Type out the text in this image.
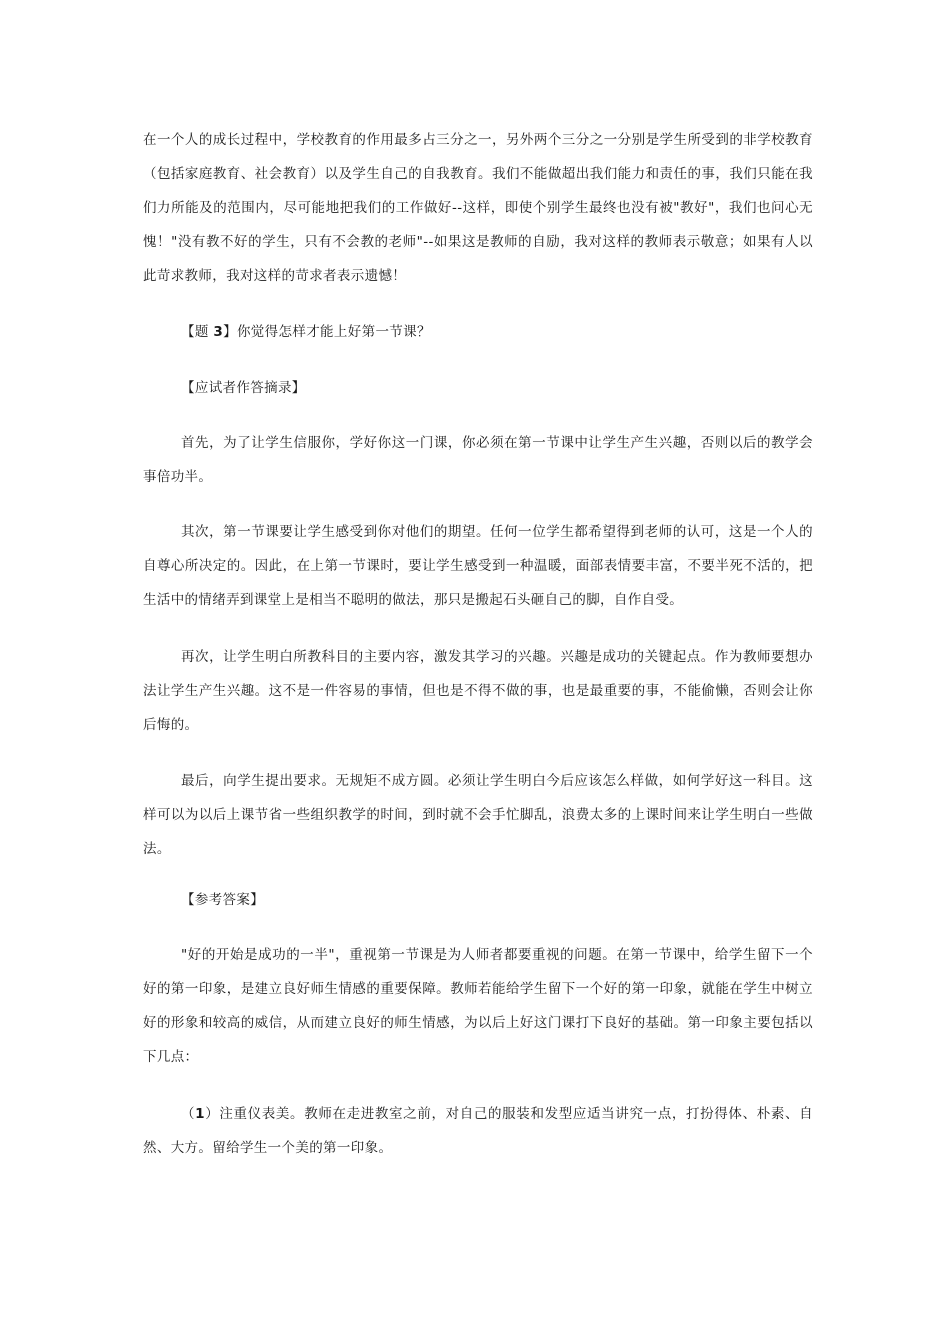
在一个人的成长过程中，学校教育的作用最多占三分之一，另外两个三分之一分别是学生所受到的非学校教育（包括家庭教育、社会教育）以及学生自己的自我教育。我们不能做超出我们能力和责任的事，我们只能在我们力所能及的范围内，尽可能地把我们的工作做好--这样，即使个别学生最终也没有被"教好"，我们也问心无愧！"没有教不好的学生，只有不会教的老师"--如果这是教师的自励，我对这样的教师表示敬意；如果有人以此苛求教师，我对这样的苛求者表示遗憾！

【题 3】你觉得怎样才能上好第一节课？

【应试者作答摘录】

首先，为了让学生信服你，学好你这一门课，你必须在第一节课中让学生产生兴趣，否则以后的教学会事倍功半。

其次，第一节课要让学生感受到你对他们的期望。任何一位学生都希望得到老师的认可，这是一个人的自尊心所决定的。因此，在上第一节课时，要让学生感受到一种温暖，面部表情要丰富，不要半死不活的，把生活中的情绪弄到课堂上是相当不聪明的做法，那只是搬起石头砸自己的脚，自作自受。

再次，让学生明白所教科目的主要内容，激发其学习的兴趣。兴趣是成功的关键起点。作为教师要想办法让学生产生兴趣。这不是一件容易的事情，但也是不得不做的事，也是最重要的事，不能偷懒，否则会让你后悔的。

最后，向学生提出要求。无规矩不成方圆。必须让学生明白今后应该怎么样做，如何学好这一科目。这样可以为以后上课节省一些组织教学的时间，到时就不会手忙脚乱，浪费太多的上课时间来让学生明白一些做法。

【参考答案】

"好的开始是成功的一半"，重视第一节课是为人师者都要重视的问题。在第一节课中，给学生留下一个好的第一印象，是建立良好师生情感的重要保障。教师若能给学生留下一个好的第一印象，就能在学生中树立好的形象和较高的威信，从而建立良好的师生情感，为以后上好这门课打下良好的基础。第一印象主要包括以下几点：

（1）注重仪表美。教师在走进教室之前，对自己的服装和发型应适当讲究一点，打扮得体、朴素、自然、大方。留给学生一个美的第一印象。
